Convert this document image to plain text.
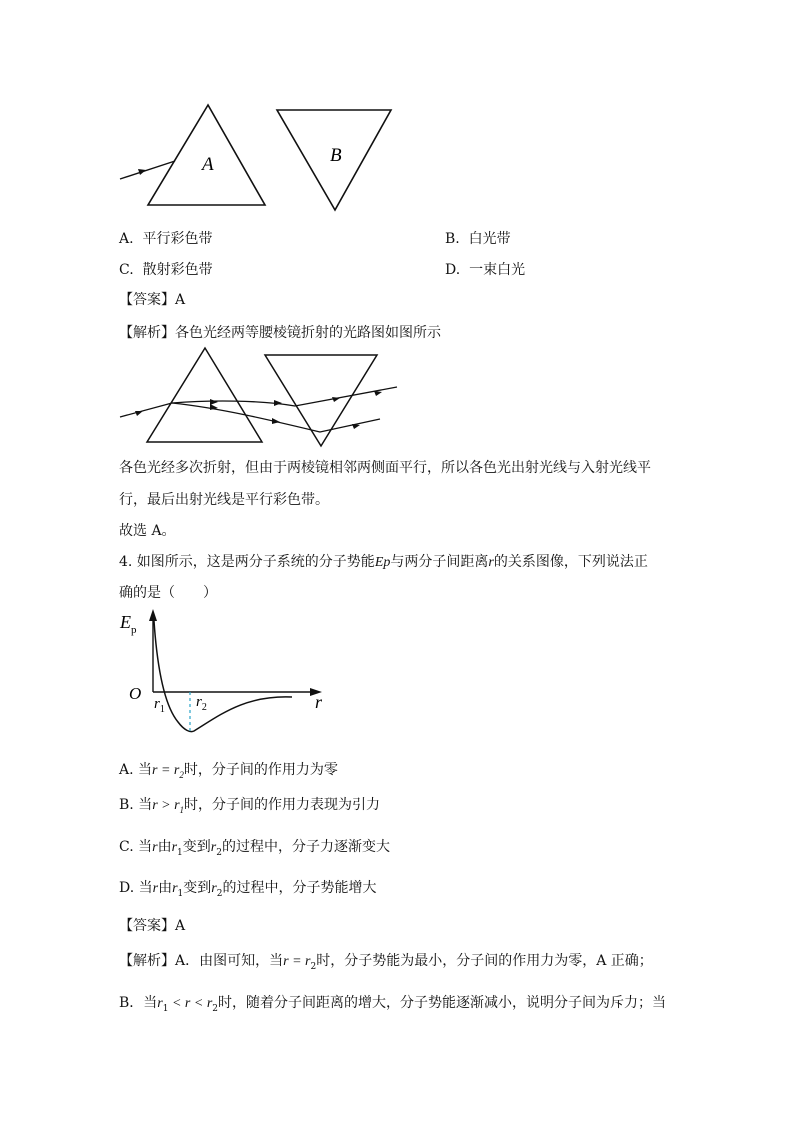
A	B
A. 平行彩色带	B. 白光带
C. 散射彩色带	D. 一束白光
【答案】A
【解析】各色光经两等腰棱镜折射的光路图如图所示
各色光经多次折射，但由于两棱镜相邻两侧面平行，所以各色光出射光线与入射光线平
行，最后出射光线是平行彩色带。
故选 A。
4. 如图所示，这是两分子系统的分子势能Ep与两分子间距离r的关系图像，下列说法正
确的是（　　）
$E_p$
O	r
$r_1$ $r_2$
A. 当$r = r_2$时，分子间的作用力为零
B. 当$r > r_1$时，分子间的作用力表现为引力
C. 当r由$r_1$变到$r_2$的过程中，分子力逐渐变大
D. 当r由$r_1$变到$r_2$的过程中，分子势能增大
【答案】A
【解析】A．由图可知，当$r = r_2$时，分子势能为最小，分子间的作用力为零，A 正确；
B．当$r_1 < r < r_2$时，随着分子间距离的增大，分子势能逐渐减小，说明分子间为斥力；当
